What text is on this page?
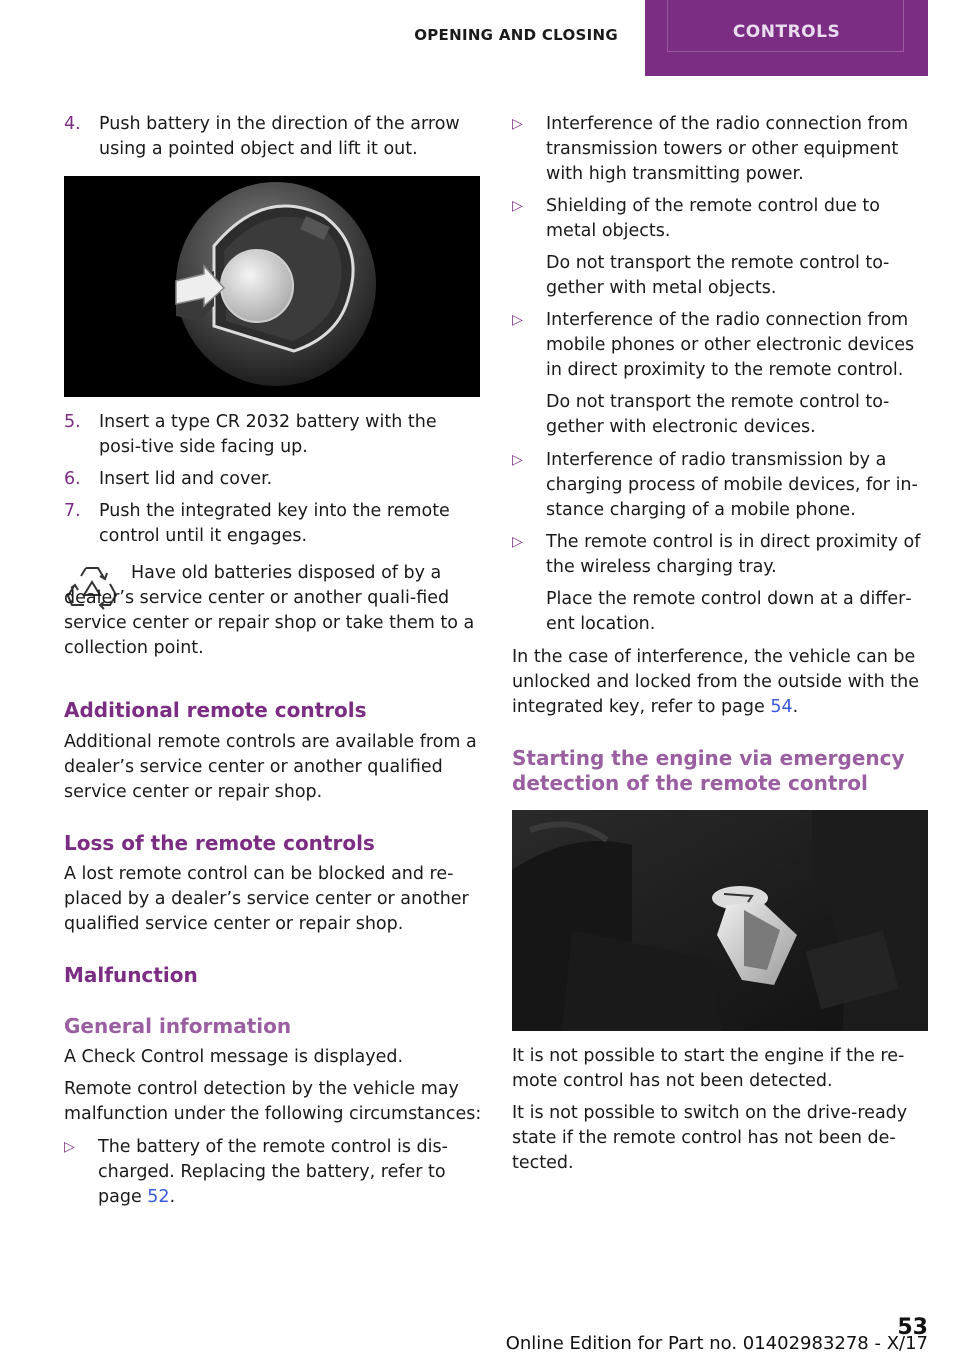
OPENING AND CLOSING	CONTROLS
4. Push battery in the direction of the arrow using a pointed object and lift it out.

5. Insert a type CR 2032 battery with the posi‐tive side facing up.

6. Insert lid and cover.

7. Push the integrated key into the remote control until it engages.

Have old batteries disposed of by a dealer’s service center or another quali‐fied service center or repair shop or take them to a collection point.
Additional remote controls
Additional remote controls are available from a dealer’s service center or another qualified service center or repair shop.
Loss of the remote controls
A lost remote control can be blocked and re‐placed by a dealer’s service center or another qualified service center or repair shop.
Malfunction
General information
A Check Control message is displayed.
Remote control detection by the vehicle may malfunction under the following circumstances:
▷ The battery of the remote control is dis‐charged. Replacing the battery, refer to page 52.

▷ Interference of the radio connection from transmission towers or other equipment with high transmitting power.

▷ Shielding of the remote control due to metal objects.

Do not transport the remote control to‐gether with metal objects.

▷ Interference of the radio connection from mobile phones or other electronic devices in direct proximity to the remote control.

Do not transport the remote control to‐gether with electronic devices.

▷ Interference of radio transmission by a charging process of mobile devices, for in‐stance charging of a mobile phone.

▷ The remote control is in direct proximity of the wireless charging tray.

Place the remote control down at a differ‐ent location.

In the case of interference, the vehicle can be unlocked and locked from the outside with the integrated key, refer to page 54.
Starting the engine via emergency detection of the remote control
It is not possible to start the engine if the re‐mote control has not been detected.
It is not possible to switch on the drive-ready state if the remote control has not been de‐tected.
53
Online Edition for Part no. 01402983278 - X/17
